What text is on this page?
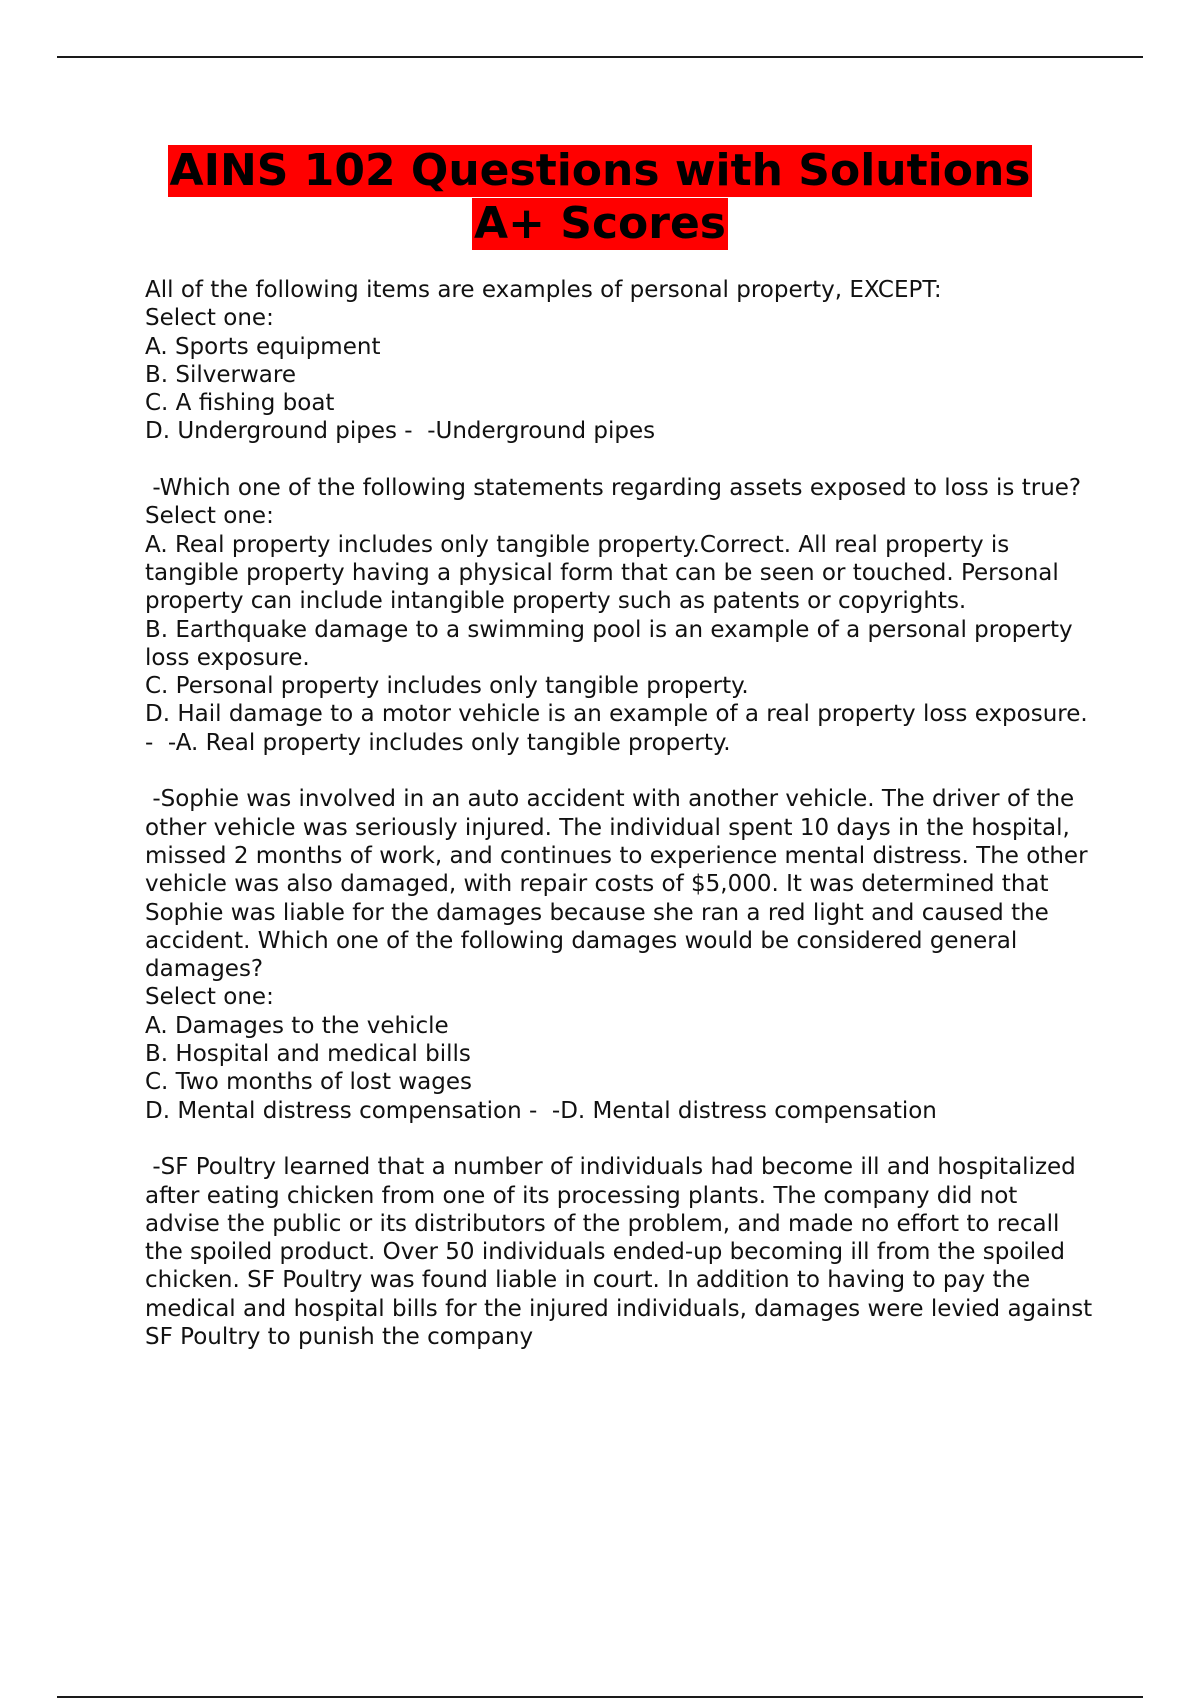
AINS 102 Questions with Solutions
A+ Scores
All of the following items are examples of personal property, EXCEPT:
Select one:
A. Sports equipment
B. Silverware
C. A fishing boat
D. Underground pipes -  -Underground pipes
-Which one of the following statements regarding assets exposed to loss is true?
Select one:
A. Real property includes only tangible property.Correct. All real property is tangible property having a physical form that can be seen or touched. Personal property can include intangible property such as patents or copyrights.
B. Earthquake damage to a swimming pool is an example of a personal property loss exposure.
C. Personal property includes only tangible property.
D. Hail damage to a motor vehicle is an example of a real property loss exposure. -  -A. Real property includes only tangible property.
-Sophie was involved in an auto accident with another vehicle. The driver of the other vehicle was seriously injured. The individual spent 10 days in the hospital, missed 2 months of work, and continues to experience mental distress. The other vehicle was also damaged, with repair costs of $5,000. It was determined that Sophie was liable for the damages because she ran a red light and caused the accident. Which one of the following damages would be considered general damages?
Select one:
A. Damages to the vehicle
B. Hospital and medical bills
C. Two months of lost wages
D. Mental distress compensation -  -D. Mental distress compensation
-SF Poultry learned that a number of individuals had become ill and hospitalized after eating chicken from one of its processing plants. The company did not advise the public or its distributors of the problem, and made no effort to recall the spoiled product. Over 50 individuals ended-up becoming ill from the spoiled chicken. SF Poultry was found liable in court. In addition to having to pay the medical and hospital bills for the injured individuals, damages were levied against SF Poultry to punish the company
